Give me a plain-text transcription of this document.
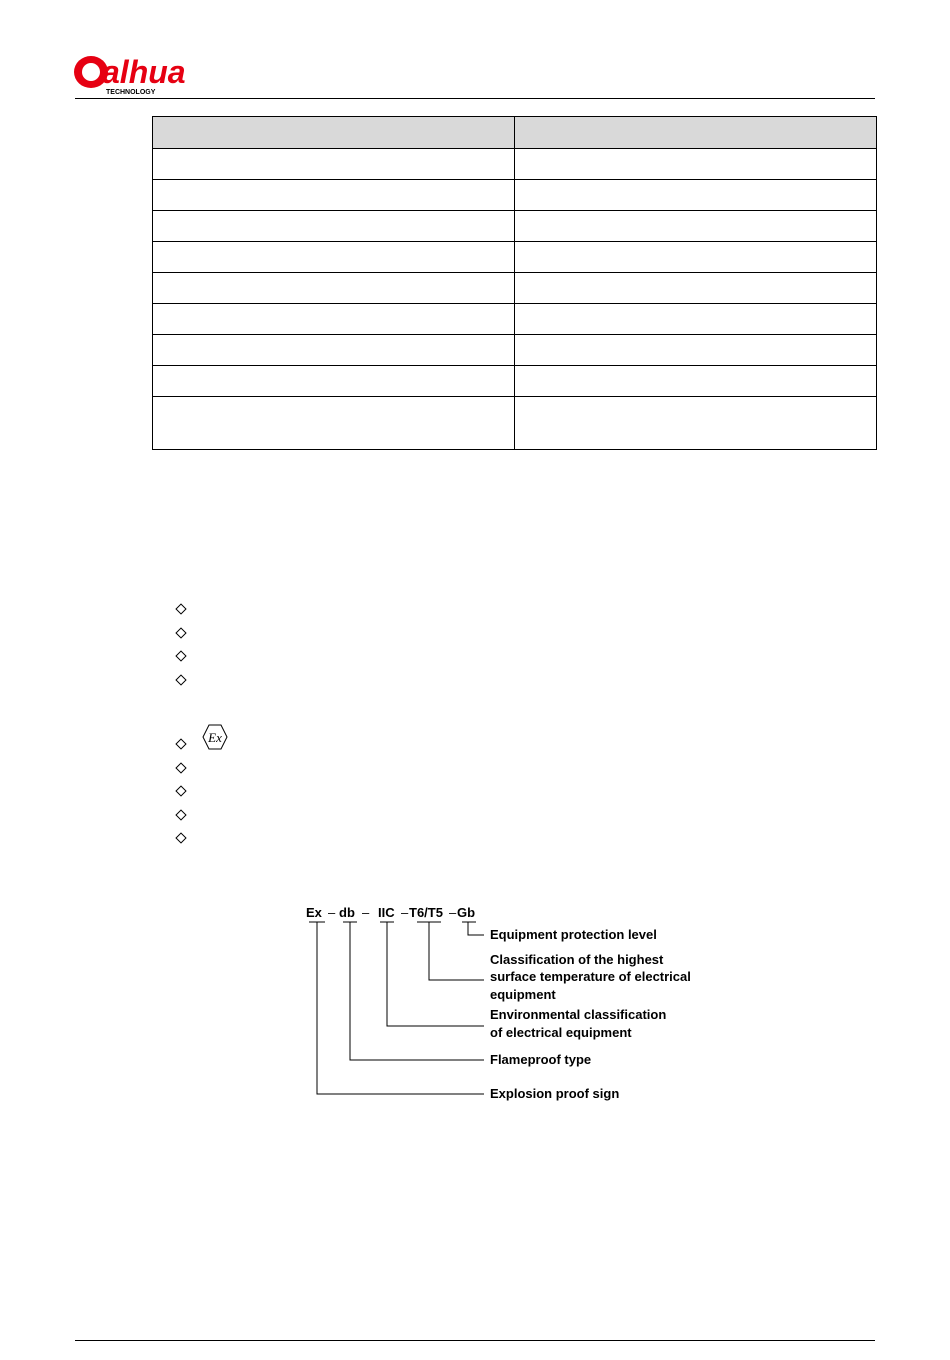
alhua
TECHNOLOGY

Ex
Ex – db – IIC – T6/T5 – Gb
Equipment protection level
Classification of the highest
surface temperature of electrical
equipment
Environmental classification
of electrical equipment
Flameproof type
Explosion proof sign
